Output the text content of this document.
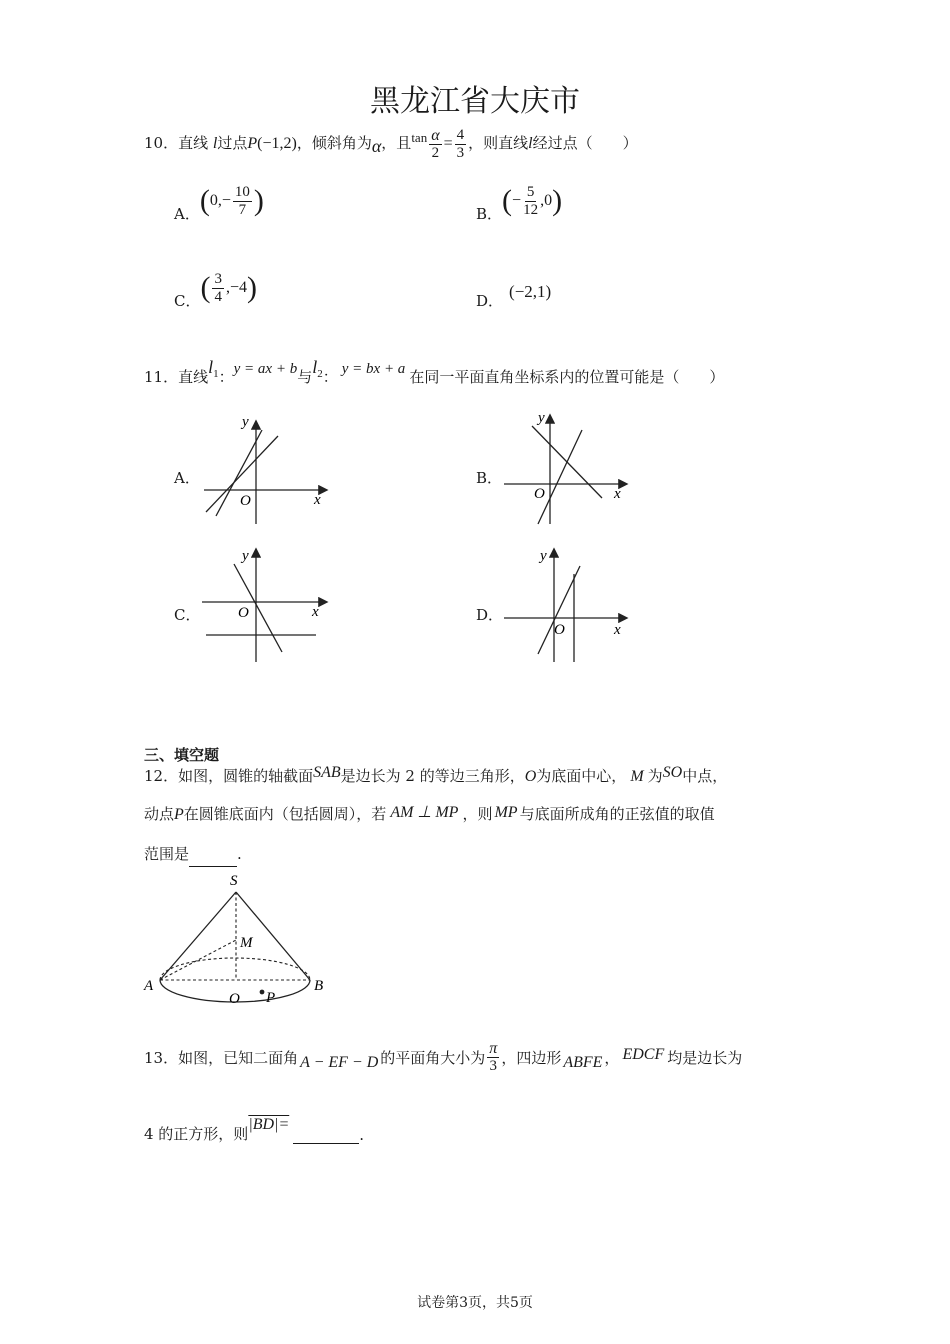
黑龙江省大庆市
10．直线 l过点P(−1,2)，倾斜角为α，且$\tan \frac{\alpha}{2} = \frac{4}{3}$ ，则直线l经过点（　　）
A． ( $0,- \frac{10}{7}$ )	B． ( − $\frac{5}{12} ,0$ )
C． ( $\frac{3}{4} ,-4$ )	D． (−2,1)
11．直线$l^1$：y = ax + b与$l^2$： y = bx + a 在同一平面直角坐标系内的位置可能是（　　）
A．	B．
C．	D．
y
x
O
y
x
O
y
x
O
y
x
O
三、填空题
12．如图，圆锥的轴截面SAB是边长为 2 的等边三角形，O为底面中心， M 为SO中点，
动点P在圆锥底面内（包括圆周），若 AM ⊥ MP ，则 MP 与底面所成角的正弦值的取值
范围是	.
S
M
A
O P
B
13．如图，已知二面角 A − EF − D 的平面角大小为 $\frac{\pi}{3}$ ，四边形 ABFE ， EDCF 均是边长为
4 的正方形，则
|BD|=

.
试卷第3页，共5页
